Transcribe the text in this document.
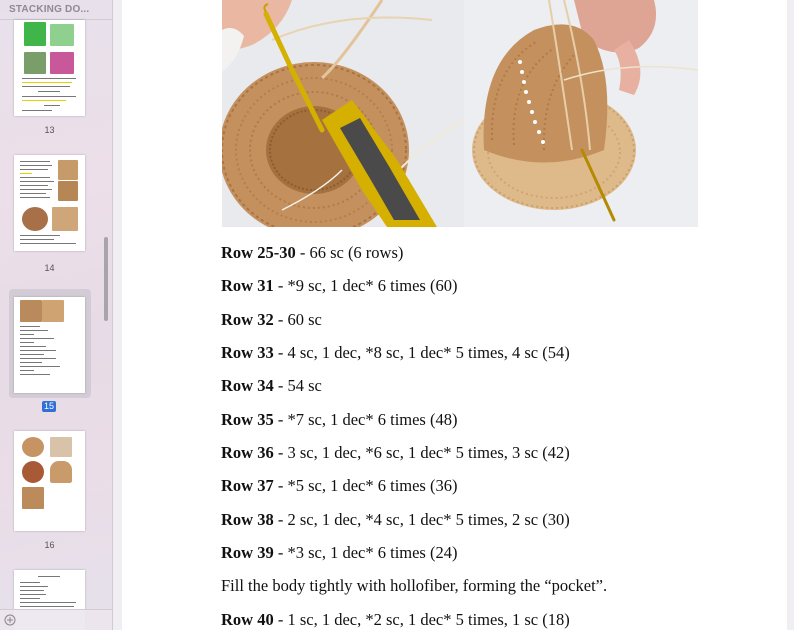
STACKING DO...
13
14
15
16
Row 25-30 - 66 sc (6 rows)
Row 31 - *9 sc, 1 dec* 6 times (60)
Row 32 - 60 sc
Row 33 - 4 sc, 1 dec, *8 sc, 1 dec* 5 times, 4 sc (54)
Row 34 - 54 sc
Row 35 - *7 sc, 1 dec* 6 times (48)
Row 36 - 3 sc, 1 dec, *6 sc, 1 dec* 5 times, 3 sc (42)
Row 37 - *5 sc, 1 dec* 6 times (36)
Row 38 - 2 sc, 1 dec, *4 sc, 1 dec* 5 times, 2 sc (30)
Row 39 - *3 sc, 1 dec* 6 times (24)
Fill the body tightly with hollofiber, forming the “pocket”.
Row 40 - 1 sc, 1 dec, *2 sc, 1 dec* 5 times, 1 sc (18)
